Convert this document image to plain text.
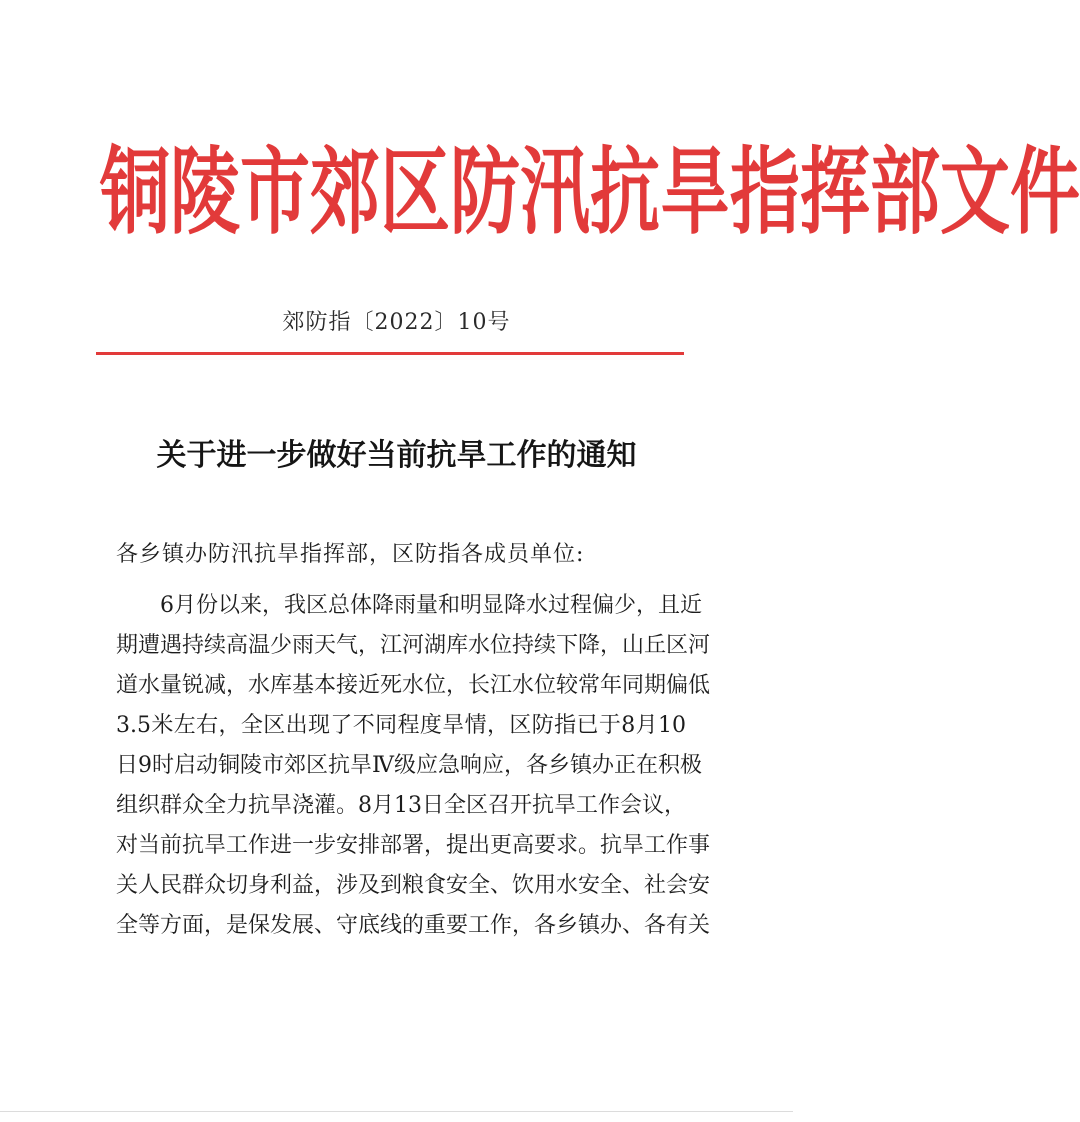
铜 陵 市 郊 区 防 汛 抗 旱 指 挥 部 文 件
郊防指〔2022〕10号
关于进一步做好当前抗旱工作的通知
各乡镇办防汛抗旱指挥部，区防指各成员单位:
6月份以来，我区总体降雨量和明显降水过程偏少，且近
期遭遇持续高温少雨天气，江河湖库水位持续下降，山丘区河
道水量锐减，水库基本接近死水位，长江水位较常年同期偏低
3.5米左右，全区出现了不同程度旱情，区防指已于8月10
日9时启动铜陵市郊区抗旱Ⅳ级应急响应，各乡镇办正在积极
组织群众全力抗旱浇灌。8月13日全区召开抗旱工作会议，
对当前抗旱工作进一步安排部署，提出更高要求。抗旱工作事
关人民群众切身利益，涉及到粮食安全、饮用水安全、社会安
全等方面，是保发展、守底线的重要工作，各乡镇办、各有关
